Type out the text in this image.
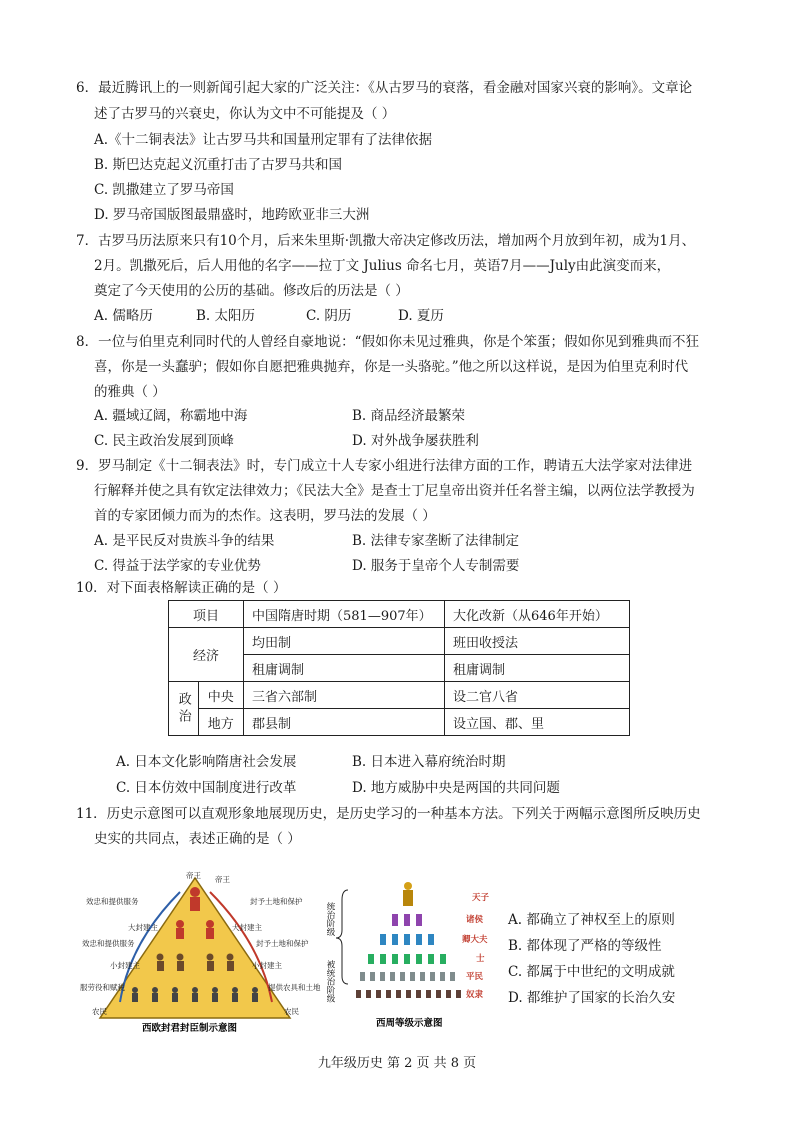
6．最近腾讯上的一则新闻引起大家的广泛关注：《从古罗马的衰落，看金融对国家兴衰的影响》。文章论
述了古罗马的兴衰史，你认为文中不可能提及（ ）
A.《十二铜表法》让古罗马共和国量刑定罪有了法律依据
B. 斯巴达克起义沉重打击了古罗马共和国
C. 凯撒建立了罗马帝国
D. 罗马帝国版图最鼎盛时，地跨欧亚非三大洲
7．古罗马历法原来只有10个月，后来朱里斯·凯撒大帝决定修改历法，增加两个月放到年初，成为1月、
2月。凯撒死后，后人用他的名字——拉丁文 Julius 命名七月，英语7月——July由此演变而来，
奠定了今天使用的公历的基础。修改后的历法是（ ）
A. 儒略历	B. 太阳历	C. 阴历	D. 夏历
8．一位与伯里克利同时代的人曾经自豪地说：“假如你未见过雅典，你是个笨蛋；假如你见到雅典而不狂
喜，你是一头蠢驴；假如你自愿把雅典抛弃，你是一头骆驼。”他之所以这样说，是因为伯里克利时代
的雅典（ ）
A. 疆域辽阔，称霸地中海	B. 商品经济最繁荣
C. 民主政治发展到顶峰	D. 对外战争屡获胜利
9．罗马制定《十二铜表法》时，专门成立十人专家小组进行法律方面的工作，聘请五大法学家对法律进
行解释并使之具有钦定法律效力；《民法大全》是查士丁尼皇帝出资并任名誉主编，以两位法学教授为
首的专家团倾力而为的杰作。这表明，罗马法的发展（ ）
A. 是平民反对贵族斗争的结果	B. 法律专家垄断了法律制定
C. 得益于法学家的专业优势	D. 服务于皇帝个人专制需要
10．对下面表格解读正确的是（ ）
项目		中国隋唐时期（581—907年）	大化改新（从646年开始）
经济		均田制	班田收授法
		租庸调制	租庸调制
政治	中央	三省六部制	设二官八省
	地方	郡县制	设立国、郡、里
A. 日本文化影响隋唐社会发展	B. 日本进入幕府统治时期
C. 日本仿效中国制度进行改革	D. 地方威胁中央是两国的共同问题
11．历史示意图可以直观形象地展现历史，是历史学习的一种基本方法。下列关于两幅示意图所反映历史
史实的共同点，表述正确的是（ ）
帝王 帝王
效忠和提供服务	封予土地和保护
大封建主	大封建主
效忠和提供服务	封予土地和保护
小封建主	小封建主
服劳役和赋税	提供农具和土地
农民	农民
西欧封君封臣制示意图
统治阶级
被统治阶级
天子
诸侯
卿大夫
士
平民
奴隶
西周等级示意图
A. 都确立了神权至上的原则
B. 都体现了严格的等级性
C. 都属于中世纪的文明成就
D. 都维护了国家的长治久安
九年级历史 第 2 页 共 8 页
